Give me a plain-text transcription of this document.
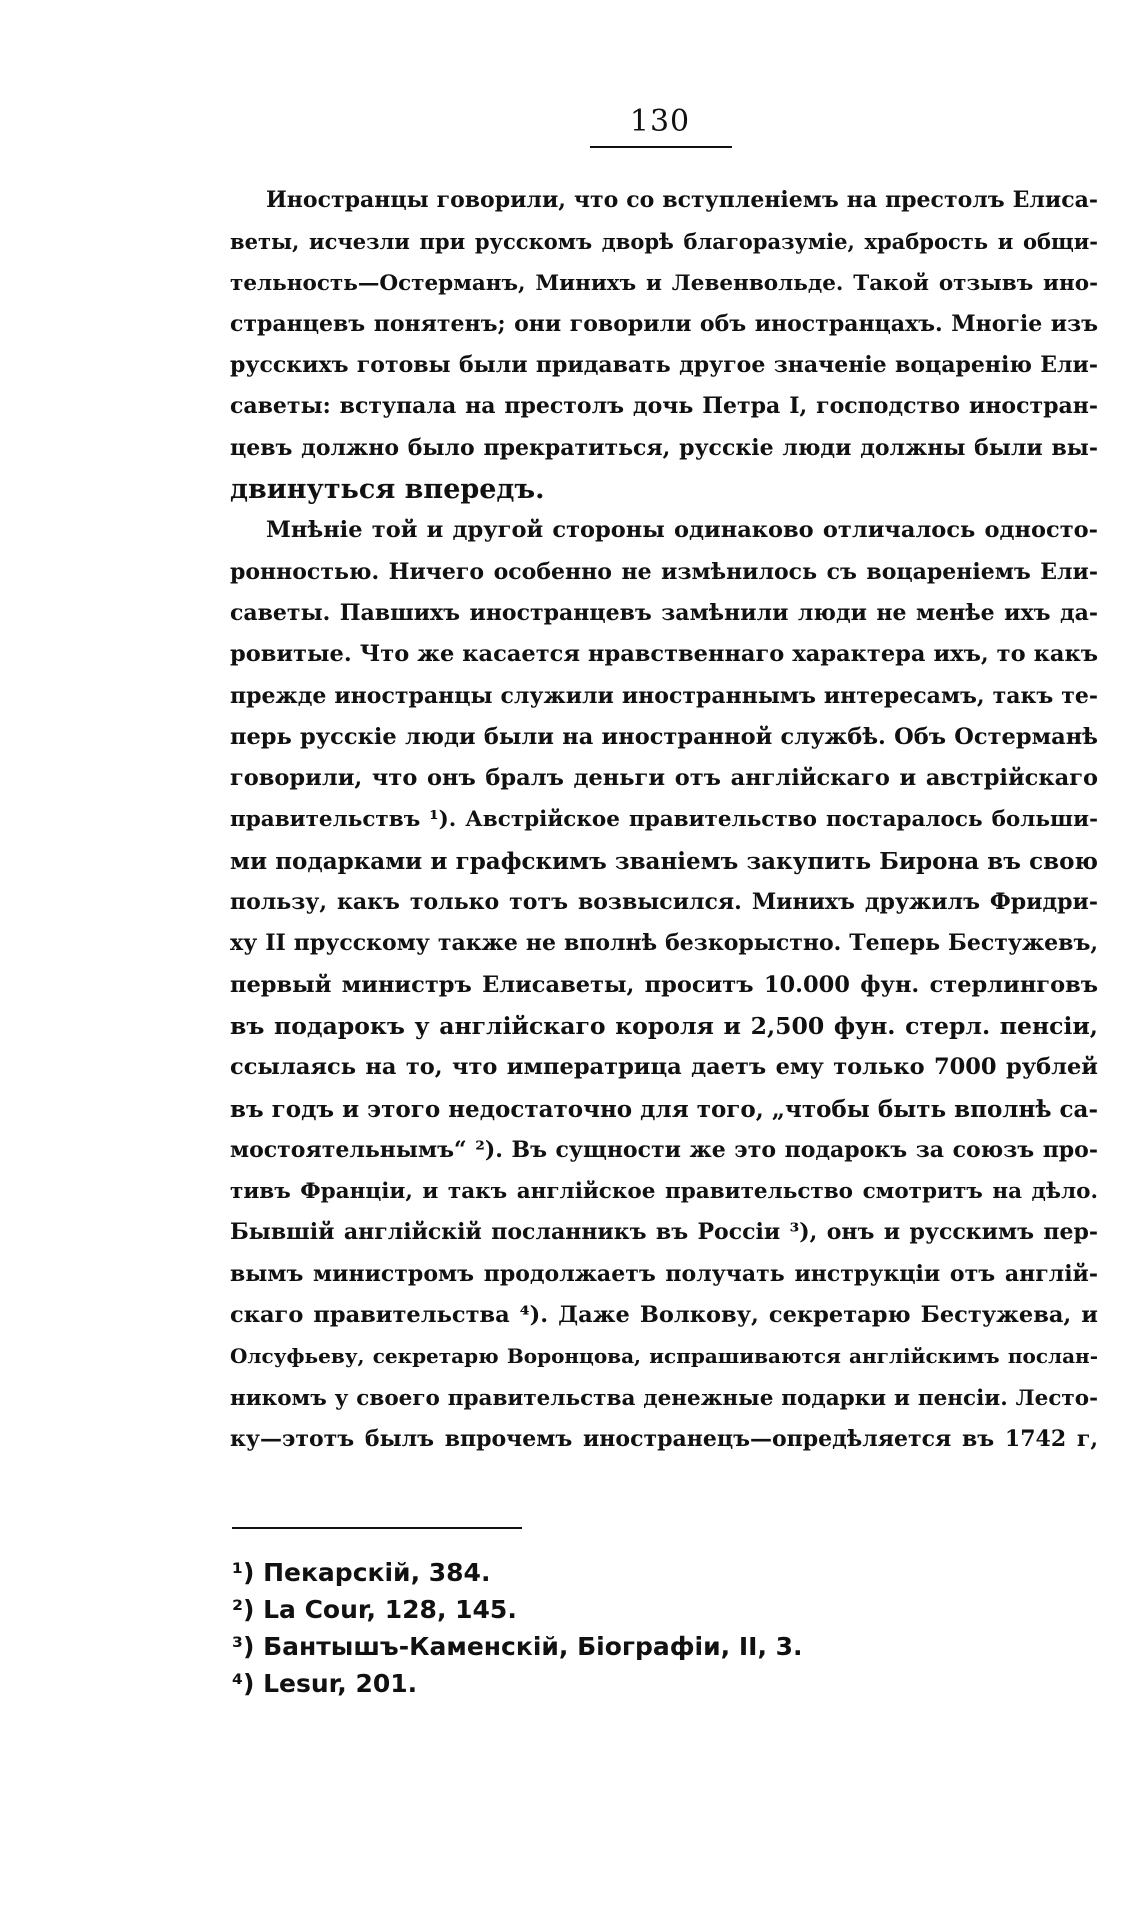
130
Иностранцы говорили, что со вступленіемъ на престолъ Елиса-
веты, исчезли при русскомъ дворѣ благоразуміе, храбрость и общи-
тельность—Остерманъ, Минихъ и Левенвольде. Такой отзывъ ино-
странцевъ понятенъ; они говорили объ иностранцахъ. Многіе изъ
русскихъ готовы были придавать другое значеніе воцаренію Ели-
саветы: вступала на престолъ дочь Петра I, господство иностран-
цевъ должно было прекратиться, русскіе люди должны были вы-
двинуться впередъ.
Мнѣніе той и другой стороны одинаково отличалось односто-
ронностью. Ничего особенно не измѣнилось съ воцареніемъ Ели-
саветы. Павшихъ иностранцевъ замѣнили люди не менѣе ихъ да-
ровитые. Что же касается нравственнаго характера ихъ, то какъ
прежде иностранцы служили иностраннымъ интересамъ, такъ те-
перь русскіе люди были на иностранной службѣ. Объ Остерманѣ
говорили, что онъ бралъ деньги отъ англійскаго и австрійскаго
правительствъ ¹). Австрійское правительство постаралось больши-
ми подарками и графскимъ званіемъ закупить Бирона въ свою
пользу, какъ только тотъ возвысился. Минихъ дружилъ Фридри-
ху II прусскому также не вполнѣ безкорыстно. Теперь Бестужевъ,
первый министръ Елисаветы, проситъ 10.000 фун. стерлинговъ
въ подарокъ у англійскаго короля и 2,500 фун. стерл. пенсіи,
ссылаясь на то, что императрица даетъ ему только 7000 рублей
въ годъ и этого недостаточно для того, „чтобы быть вполнѣ са-
мостоятельнымъ“ ²). Въ сущности же это подарокъ за союзъ про-
тивъ Франціи, и такъ англійское правительство смотритъ на дѣло.
Бывшій англійскій посланникъ въ Россіи ³), онъ и русскимъ пер-
вымъ министромъ продолжаетъ получать инструкціи отъ англій-
скаго правительства ⁴). Даже Волкову, секретарю Бестужева, и
Олсуфьеву, секретарю Воронцова, испрашиваются англійскимъ послан-
никомъ у своего правительства денежные подарки и пенсіи. Лесто-
ку—этотъ былъ впрочемъ иностранецъ—опредѣляется въ 1742 г,
¹) Пекарскій, 384.
²) La Cour, 128, 145.
³) Бантышъ-Каменскій, Біографіи, II, 3.
⁴) Lesur, 201.
